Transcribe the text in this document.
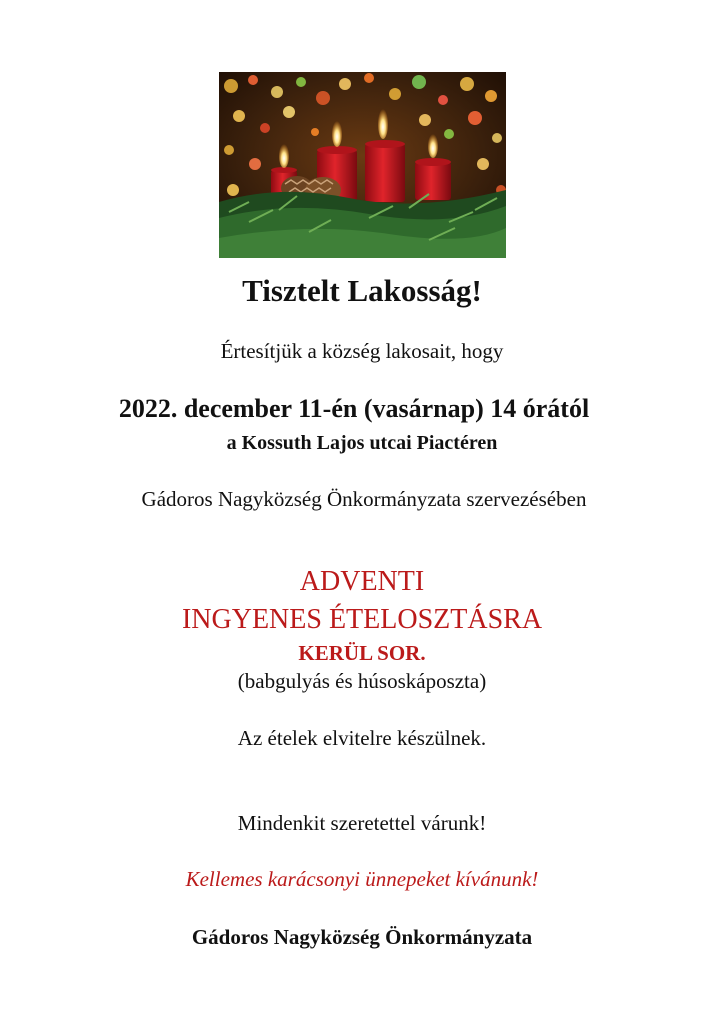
Tisztelt Lakosság!
Értesítjük a község lakosait, hogy
2022. december 11-én (vasárnap) 14 órától
a Kossuth Lajos utcai Piactéren
Gádoros Nagyközség Önkormányzata szervezésében
ADVENTI
INGYENES ÉTELOSZTÁSRA
KERÜL SOR.
(babgulyás és húsoskáposzta)
Az ételek elvitelre készülnek.
Mindenkit szeretettel várunk!
Kellemes karácsonyi ünnepeket kívánunk!
Gádoros Nagyközség Önkormányzata
